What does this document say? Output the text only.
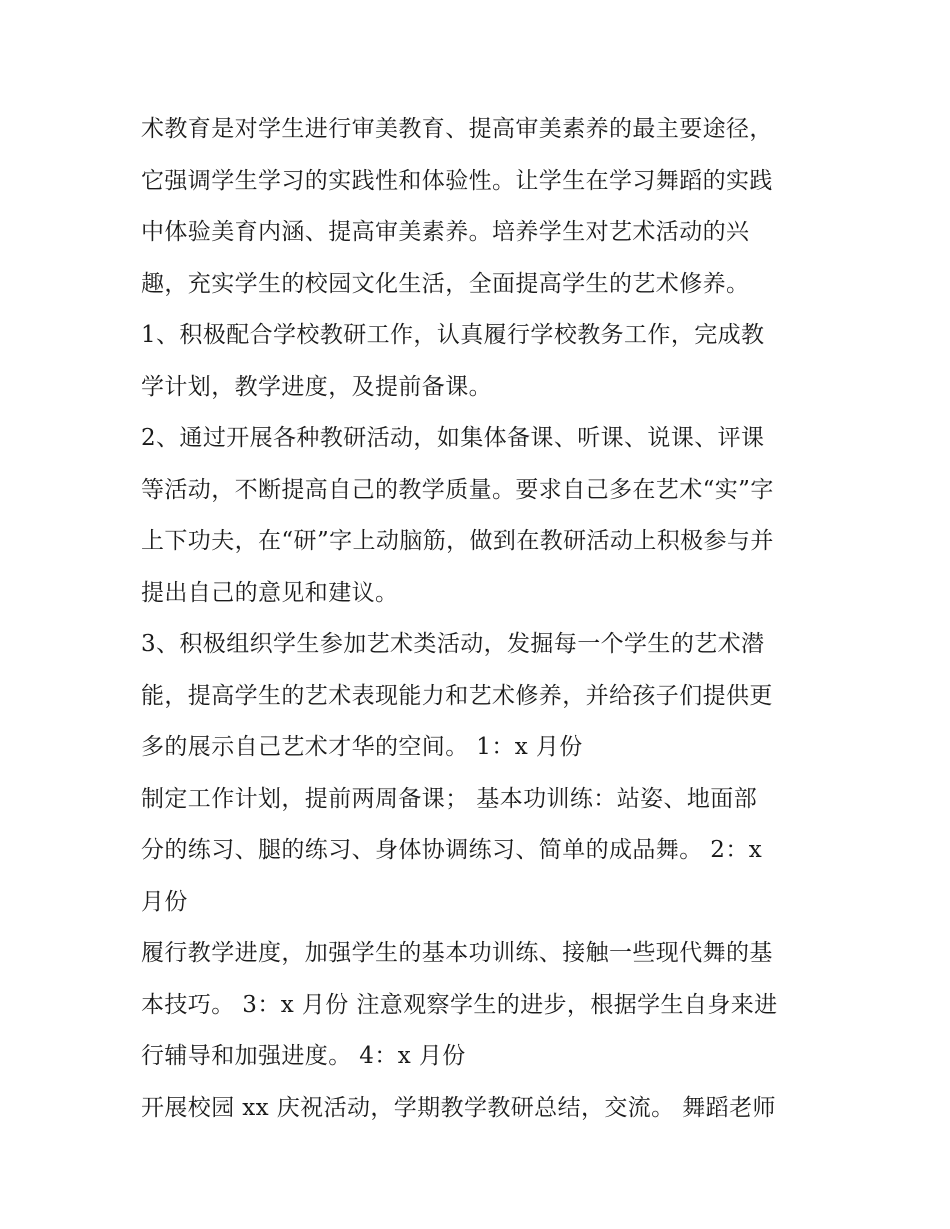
术教育是对学生进行审美教育、提高审美素养的最主要途径，
它强调学生学习的实践性和体验性。让学生在学习舞蹈的实践
中体验美育内涵、提高审美素养。培养学生对艺术活动的兴
趣，充实学生的校园文化生活，全面提高学生的艺术修养。
1、积极配合学校教研工作，认真履行学校教务工作，完成教
学计划，教学进度，及提前备课。
2、通过开展各种教研活动，如集体备课、听课、说课、评课
等活动，不断提高自己的教学质量。要求自己多在艺术“实”字
上下功夫，在“研”字上动脑筋，做到在教研活动上积极参与并
提出自己的意见和建议。
3、积极组织学生参加艺术类活动，发掘每一个学生的艺术潜
能，提高学生的艺术表现能力和艺术修养，并给孩子们提供更
多的展示自己艺术才华的空间。 1：x 月份
制定工作计划，提前两周备课； 基本功训练：站姿、地面部
分的练习、腿的练习、身体协调练习、简单的成品舞。 2：x
月份
履行教学进度，加强学生的基本功训练、接触一些现代舞的基
本技巧。 3：x 月份 注意观察学生的进步，根据学生自身来进
行辅导和加强进度。 4：x 月份
开展校园 xx 庆祝活动，学期教学教研总结，交流。 舞蹈老师
